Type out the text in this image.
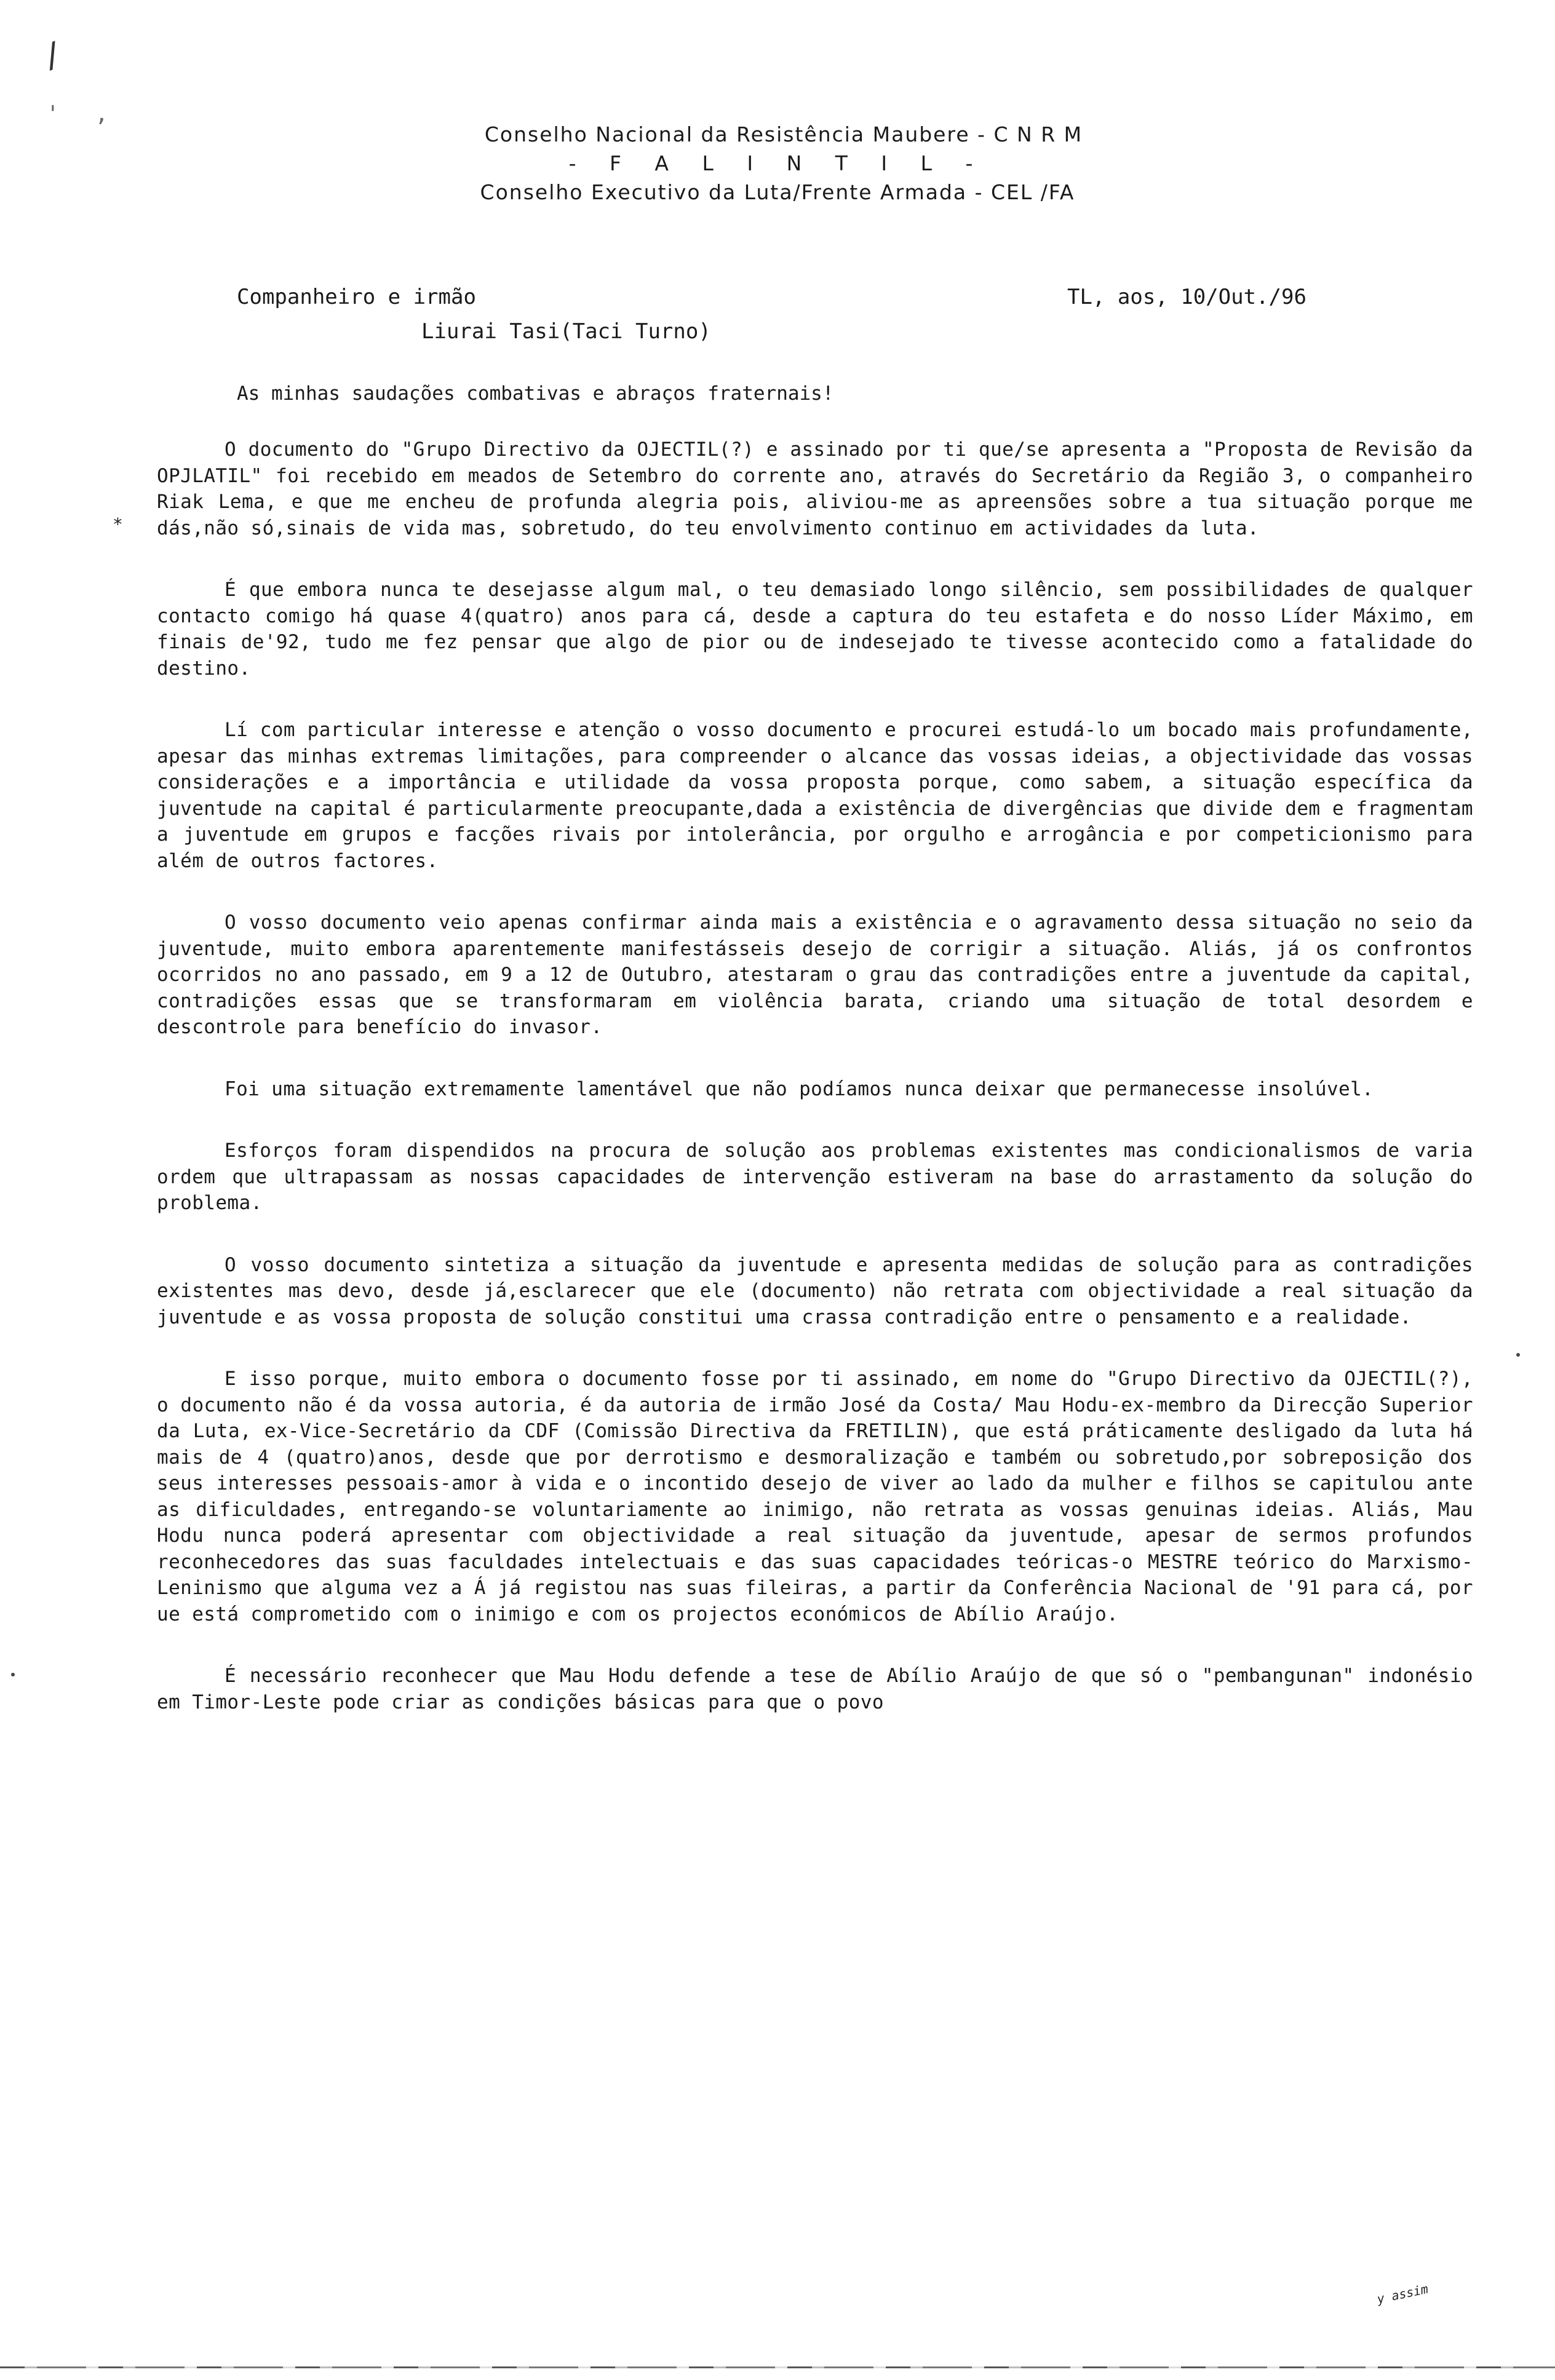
/
' ,
Conselho Nacional da Resistência Maubere - C N R M
- F A L I N T I L -
Conselho Executivo da Luta/Frente Armada - CEL /FA
Companheiro e irmão
Liurai Tasi(Taci Turno)
TL, aos, 10/Out./96
As minhas saudações combativas e abraços fraternais!
*

O documento do "Grupo Directivo da OJECTIL(?) e assinado por ti que/se apresenta a "Proposta de Revisão da OPJLATIL" foi recebido em meados de Setembro do corrente ano, através do Secretário da Região 3, o companheiro Riak Lema, e que me encheu de profunda alegria pois, aliviou-me as apreensões sobre a tua situação porque me dás,não só,sinais de vida mas, sobretudo, do teu envolvimento continuo em actividades da luta.

É que embora nunca te desejasse algum mal, o teu demasiado longo silêncio, sem possibilidades de qualquer contacto comigo há quase 4(quatro) anos para cá, desde a captura do teu estafeta e do nosso Líder Máximo, em finais de'92, tudo me fez pensar que algo de pior ou de indesejado te tivesse acontecido como a fatalidade do destino.

Lí com particular interesse e atenção o vosso documento e procurei estudá-lo um bocado mais profundamente, apesar das minhas extremas limitações, para compreender o alcance das vossas ideias, a objectividade das vossas considerações e a importância e utilidade da vossa proposta porque, como sabem, a situação específica da juventude na capital é particularmente preocupante,dada a existência de divergências que divide dem e fragmentam a juventude em grupos e facções rivais por intolerância, por orgulho e arrogância e por competicionismo para além de outros factores.

O vosso documento veio apenas confirmar ainda mais a existência e o agravamento dessa situação no seio da juventude, muito embora aparentemente manifestásseis desejo de corrigir a situação. Aliás, já os confrontos ocorridos no ano passado, em 9 a 12 de Outubro, atestaram o grau das contradições entre a juventude da capital, contradições essas que se transformaram em violência barata, criando uma situação de total desordem e descontrole para benefício do invasor.

Foi uma situação extremamente lamentável que não podíamos nunca deixar que permanecesse insolúvel.

Esforços foram dispendidos na procura de solução aos problemas existentes mas condicionalismos de varia ordem que ultrapassam as nossas capacidades de intervenção estiveram na base do arrastamento da solução do problema.

O vosso documento sintetiza a situação da juventude e apresenta medidas de solução para as contradições existentes mas devo, desde já,esclarecer que ele (documento) não retrata com objectividade a real situação da juventude e as vossa proposta de solução constitui uma crassa contradição entre o pensamento e a realidade.

E isso porque, muito embora o documento fosse por ti assinado, em nome do "Grupo Directivo da OJECTIL(?), o documento não é da vossa autoria, é da autoria de irmão José da Costa/ Mau Hodu-ex-membro da Direcção Superior da Luta, ex-Vice-Secretário da CDF (Comissão Directiva da FRETILIN), que está práticamente desligado da luta há mais de 4 (quatro)anos, desde que por derrotismo e desmoralização e também ou sobretudo,por sobreposição dos seus interesses pessoais-amor à vida e o incontido desejo de viver ao lado da mulher e filhos se capitulou ante as dificuldades, entregando-se voluntariamente ao inimigo, não retrata as vossas genuinas ideias. Aliás, Mau Hodu nunca poderá apresentar com objectividade a real situação da juventude, apesar de sermos profundos reconhecedores das suas faculdades intelectuais e das suas capacidades teóricas-o MESTRE teórico do Marxismo-Leninismo que alguma vez a Á já registou nas suas fileiras, a partir da Conferência Nacional de '91 para cá, por ue está comprometido com o inimigo e com os projectos económicos de Abílio Araújo.

É necessário reconhecer que Mau Hodu defende a tese de Abílio Araújo de que só o "pembangunan" indonésio em Timor-Leste pode criar as condições básicas para que o povo

y assim
